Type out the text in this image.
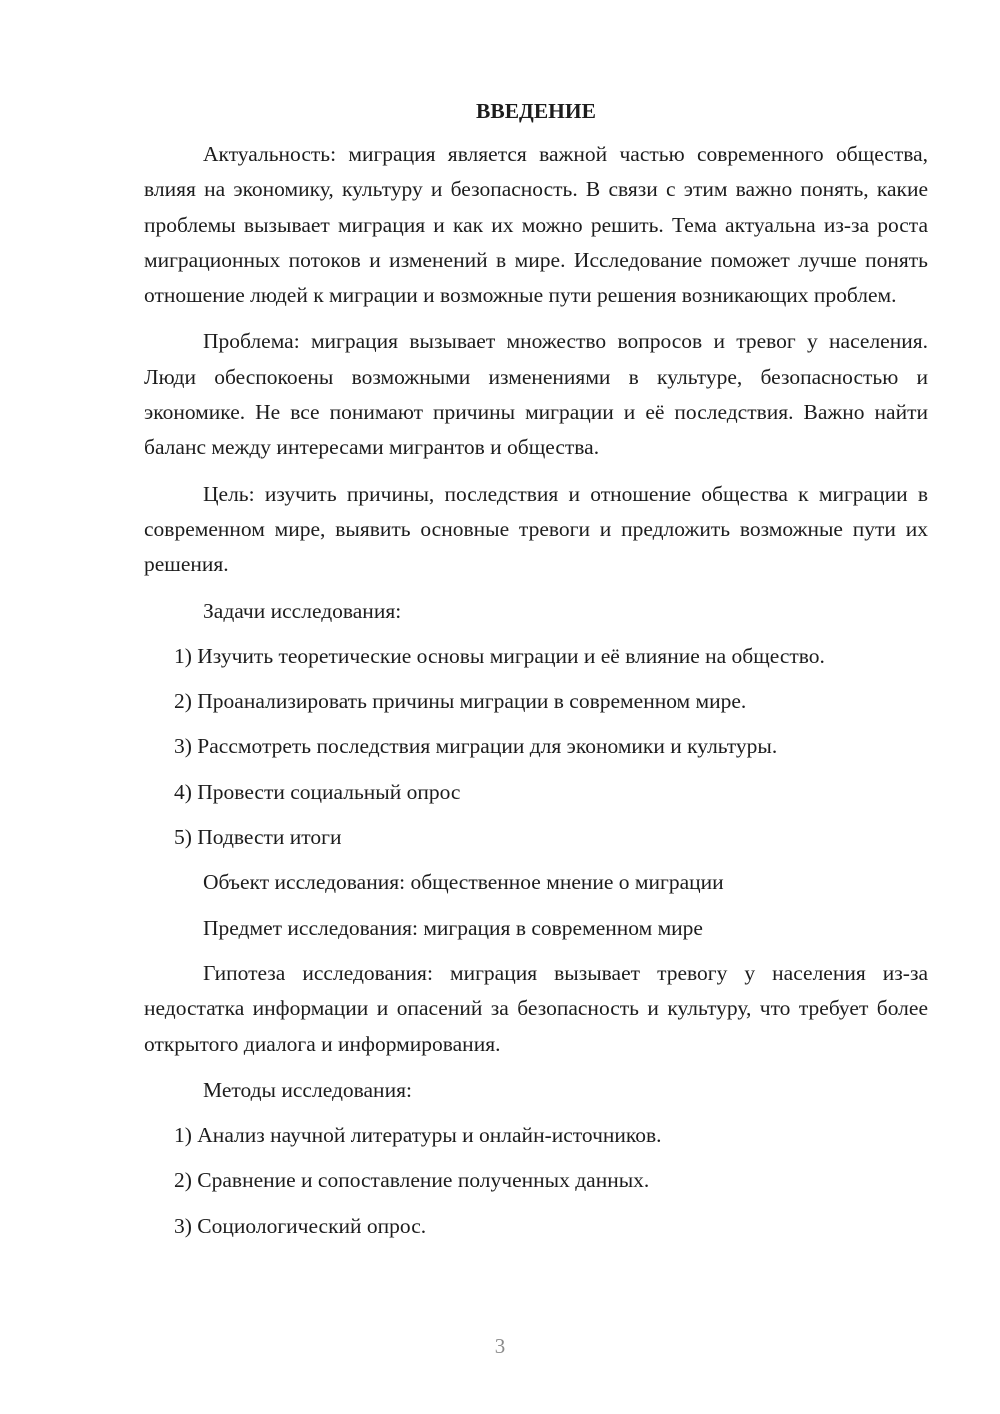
ВВЕДЕНИЕ

Актуальность: миграция является важной частью современного общества, влияя на экономику, культуру и безопасность. В связи с этим важно понять, какие проблемы вызывает миграция и как их можно решить. Тема актуальна из-за роста миграционных потоков и изменений в мире. Исследование поможет лучше понять отношение людей к миграции и возможные пути решения возникающих проблем.

Проблема: миграция вызывает множество вопросов и тревог у населения. Люди обеспокоены возможными изменениями в культуре, безопасностью и экономике. Не все понимают причины миграции и её последствия. Важно найти баланс между интересами мигрантов и общества.

Цель: изучить причины, последствия и отношение общества к миграции в современном мире, выявить основные тревоги и предложить возможные пути их решения.

Задачи исследования:
1) Изучить теоретические основы миграции и её влияние на общество.
2) Проанализировать причины миграции в современном мире.
3) Рассмотреть последствия миграции для экономики и культуры.
4) Провести социальный опрос
5) Подвести итоги
Объект исследования: общественное мнение о миграции
Предмет исследования: миграция в современном мире

Гипотеза исследования: миграция вызывает тревогу у населения из-за недостатка информации и опасений за безопасность и культуру, что требует более открытого диалога и информирования.

Методы исследования:
1) Анализ научной литературы и онлайн-источников.
2) Сравнение и сопоставление полученных данных.
3) Социологический опрос.
3
